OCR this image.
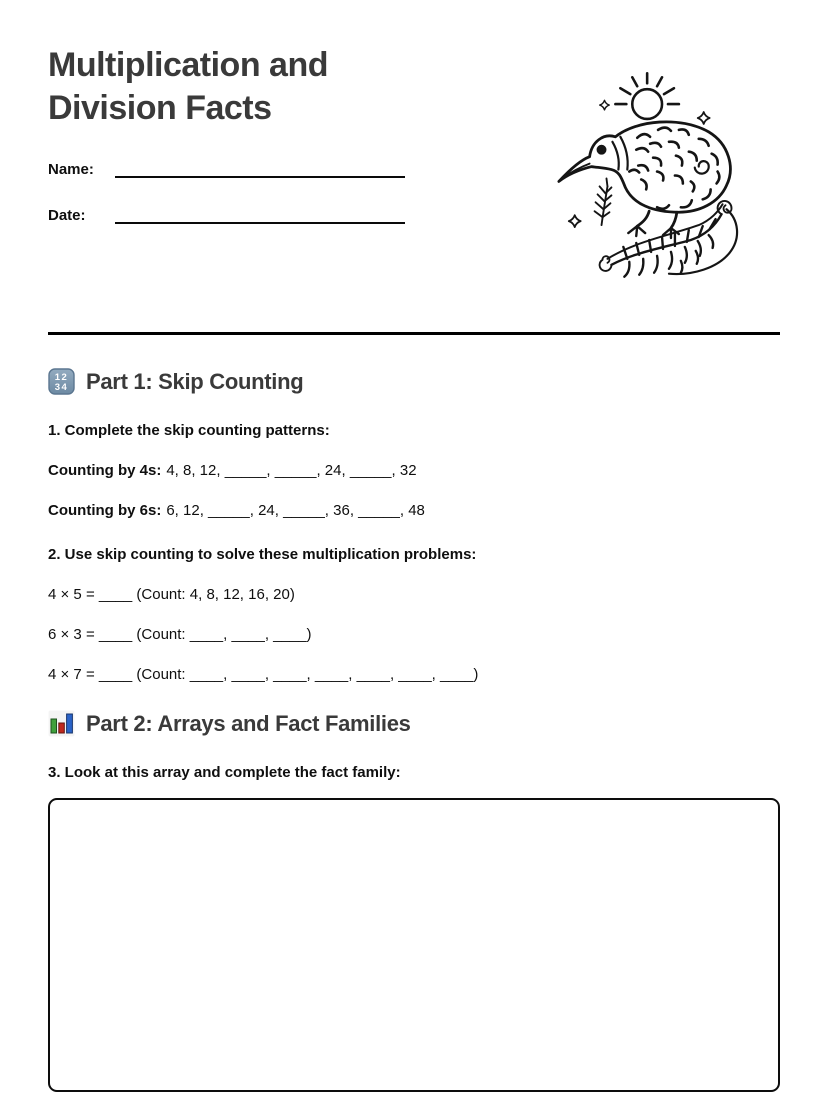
Multiplication and
Division Facts
Name:
Date:
12
34 Part 1: Skip Counting

1. Complete the skip counting patterns:

Counting by 4s: 4, 8, 12, _____, _____, 24, _____, 32

Counting by 6s: 6, 12, _____, 24, _____, 36, _____, 48

2. Use skip counting to solve these multiplication problems:

4 × 5 = ____ (Count: 4, 8, 12, 16, 20)

6 × 3 = ____ (Count: ____, ____, ____)

4 × 7 = ____ (Count: ____, ____, ____, ____, ____, ____, ____)

Part 2: Arrays and Fact Families

3. Look at this array and complete the fact family:
